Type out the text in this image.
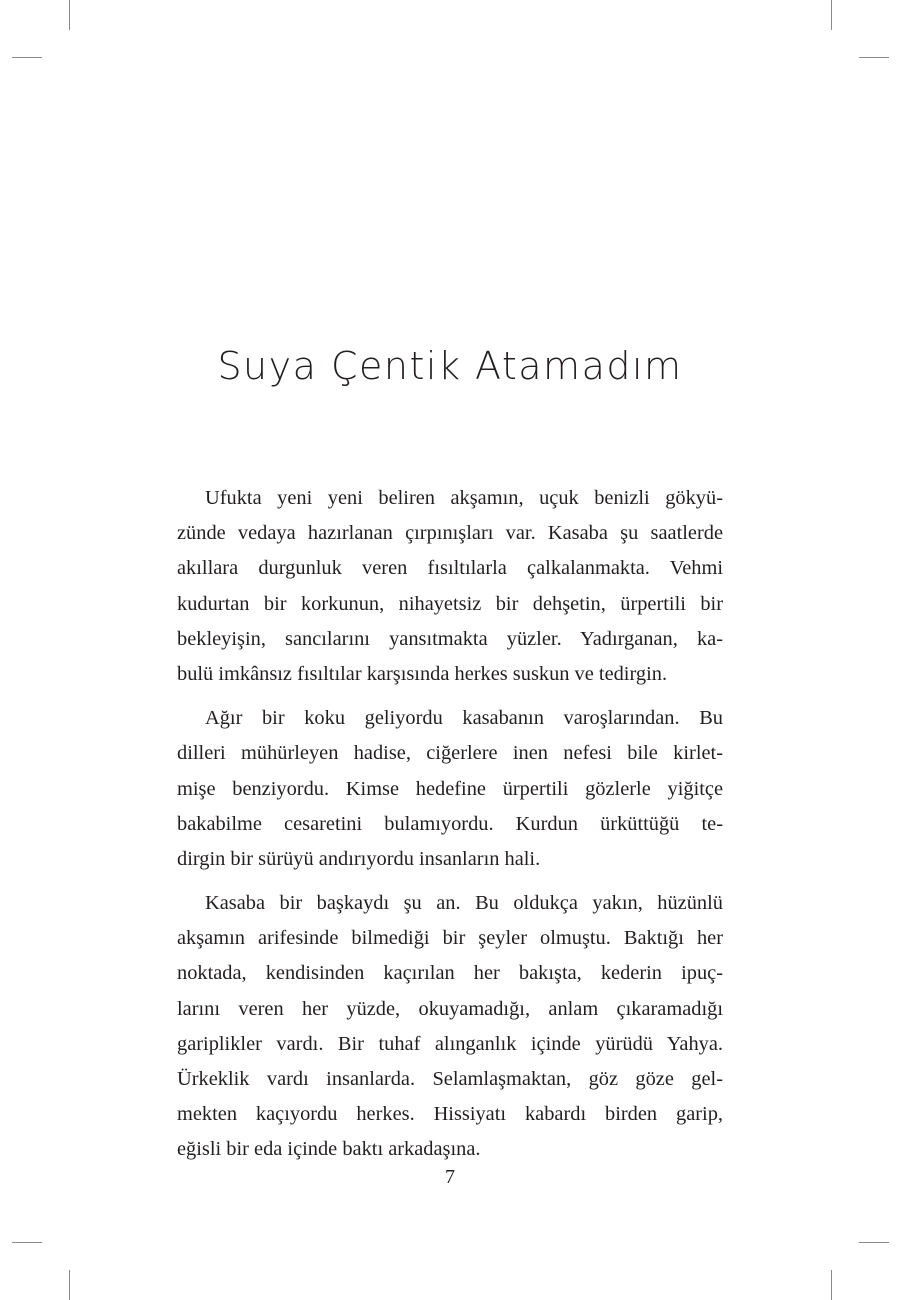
Suya Çentik Atamadım
Ufukta yeni yeni beliren akşamın, uçuk benizli gökyü-
zünde vedaya hazırlanan çırpınışları var. Kasaba şu saatlerde
akıllara durgunluk veren fısıltılarla çalkalanmakta. Vehmi
kudurtan bir korkunun, nihayetsiz bir dehşetin, ürpertili bir
bekleyişin, sancılarını yansıtmakta yüzler. Yadırganan, ka-
bulü imkânsız fısıltılar karşısında herkes suskun ve tedirgin.
Ağır bir koku geliyordu kasabanın varoşlarından. Bu
dilleri mühürleyen hadise, ciğerlere inen nefesi bile kirlet-
mişe benziyordu. Kimse hedefine ürpertili gözlerle yiğitçe
bakabilme cesaretini bulamıyordu. Kurdun ürküttüğü te-
dirgin bir sürüyü andırıyordu insanların hali.
Kasaba bir başkaydı şu an. Bu oldukça yakın, hüzünlü
akşamın arifesinde bilmediği bir şeyler olmuştu. Baktığı her
noktada, kendisinden kaçırılan her bakışta, kederin ipuç-
larını veren her yüzde, okuyamadığı, anlam çıkaramadığı
gariplikler vardı. Bir tuhaf alınganlık içinde yürüdü Yahya.
Ürkeklik vardı insanlarda. Selamlaşmaktan, göz göze gel-
mekten kaçıyordu herkes. Hissiyatı kabardı birden garip,
eğisli bir eda içinde baktı arkadaşına.
7
